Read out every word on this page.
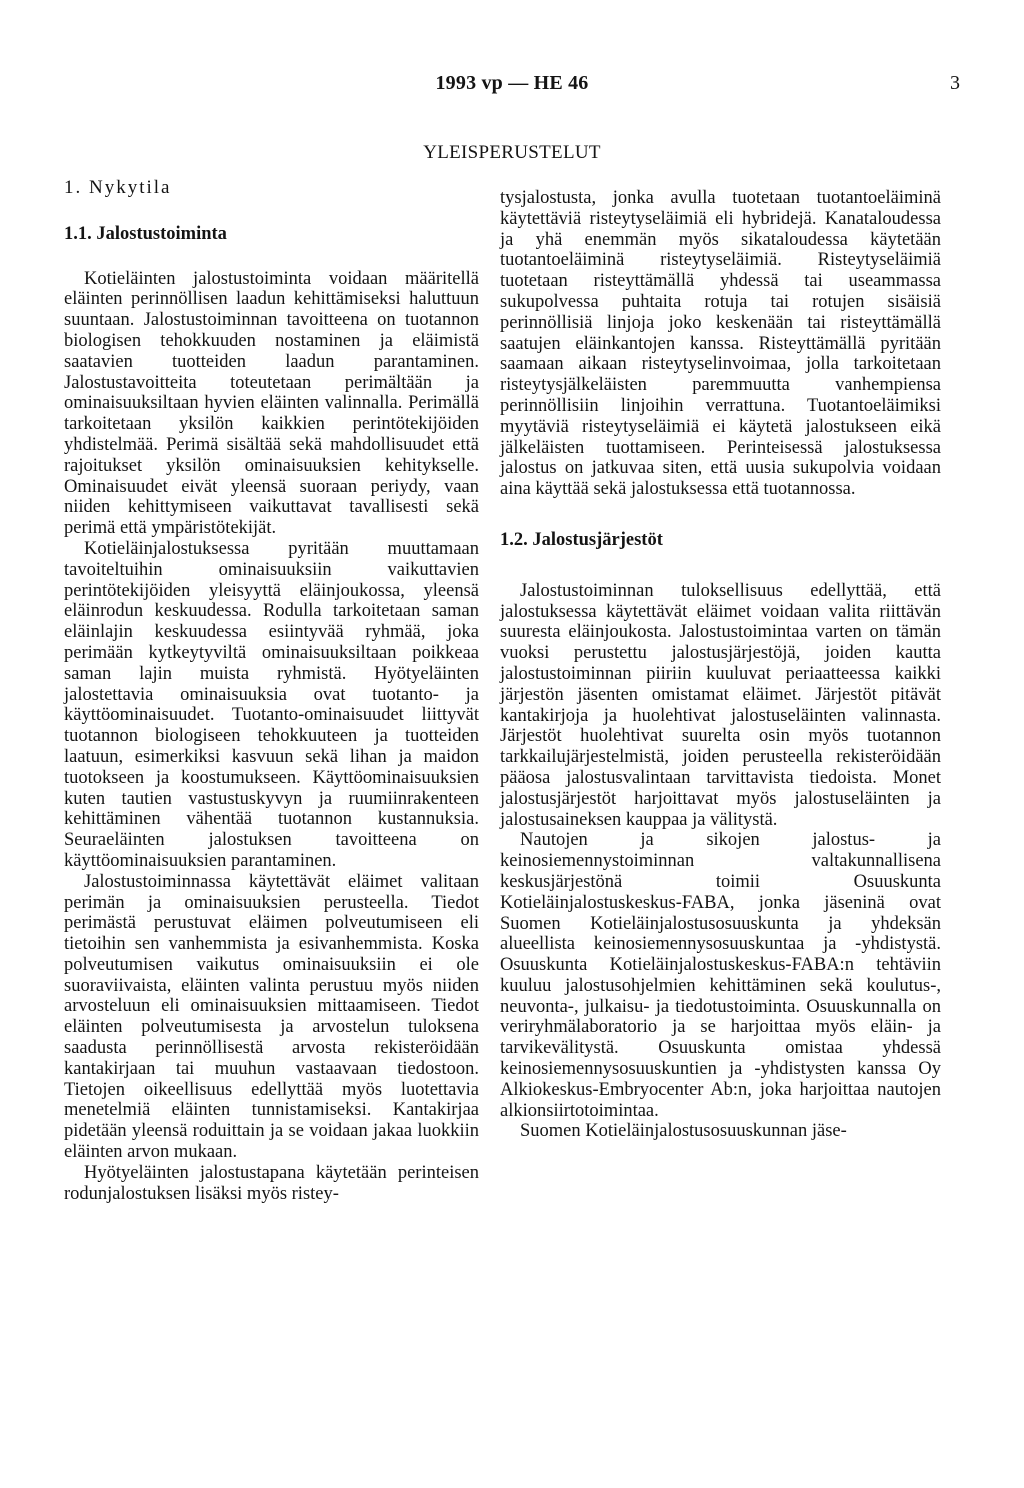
1993 vp — HE 46	3
YLEISPERUSTELUT
1. Nykytila
1.1. Jalostustoiminta

Kotieläinten jalostustoiminta voidaan määritellä eläinten perinnöllisen laadun kehittämiseksi haluttuun suuntaan. Jalostustoiminnan tavoitteena on tuotannon biologisen tehokkuuden nostaminen ja eläimistä saatavien tuotteiden laadun parantaminen. Jalostustavoitteita toteutetaan perimältään ja ominaisuuksiltaan hyvien eläinten valinnalla. Perimällä tarkoitetaan yksilön kaikkien perintötekijöiden yhdistelmää. Perimä sisältää sekä mahdollisuudet että rajoitukset yksilön ominaisuuksien kehitykselle. Ominaisuudet eivät yleensä suoraan periydy, vaan niiden kehittymiseen vaikuttavat tavallisesti sekä perimä että ympäristötekijät.

Kotieläinjalostuksessa pyritään muuttamaan tavoiteltuihin ominaisuuksiin vaikuttavien perintötekijöiden yleisyyttä eläinjoukossa, yleensä eläinrodun keskuudessa. Rodulla tarkoitetaan saman eläinlajin keskuudessa esiintyvää ryhmää, joka perimään kytkeytyviltä ominaisuuksiltaan poikkeaa saman lajin muista ryhmistä. Hyötyeläinten jalostettavia ominaisuuksia ovat tuotanto- ja käyttöominaisuudet. Tuotanto-ominaisuudet liittyvät tuotannon biologiseen tehokkuuteen ja tuotteiden laatuun, esimerkiksi kasvuun sekä lihan ja maidon tuotokseen ja koostumukseen. Käyttöominaisuuksien kuten tautien vastustuskyvyn ja ruumiinrakenteen kehittäminen vähentää tuotannon kustannuksia. Seuraeläinten jalostuksen tavoitteena on käyttöominaisuuksien parantaminen.

Jalostustoiminnassa käytettävät eläimet valitaan perimän ja ominaisuuksien perusteella. Tiedot perimästä perustuvat eläimen polveutumiseen eli tietoihin sen vanhemmista ja esivanhemmista. Koska polveutumisen vaikutus ominaisuuksiin ei ole suoraviivaista, eläinten valinta perustuu myös niiden arvosteluun eli ominaisuuksien mittaamiseen. Tiedot eläinten polveutumisesta ja arvostelun tuloksena saadusta perinnöllisestä arvosta rekisteröidään kantakirjaan tai muuhun vastaavaan tiedostoon. Tietojen oikeellisuus edellyttää myös luotettavia menetelmiä eläinten tunnistamiseksi. Kantakirjaa pidetään yleensä roduittain ja se voidaan jakaa luokkiin eläinten arvon mukaan.

Hyötyeläinten jalostustapana käytetään perinteisen rodunjalostuksen lisäksi myös ristey-

tysjalostusta, jonka avulla tuotetaan tuotantoeläiminä käytettäviä risteytyseläimiä eli hybridejä. Kanataloudessa ja yhä enemmän myös sikataloudessa käytetään tuotantoeläiminä risteytyseläimiä. Risteytyseläimiä tuotetaan risteyttämällä yhdessä tai useammassa sukupolvessa puhtaita rotuja tai rotujen sisäisiä perinnöllisiä linjoja joko keskenään tai risteyttämällä saatujen eläinkantojen kanssa. Risteyttämällä pyritään saamaan aikaan risteytyselinvoimaa, jolla tarkoitetaan risteytysjälkeläisten paremmuutta vanhempiensa perinnöllisiin linjoihin verrattuna. Tuotantoeläimiksi myytäviä risteytyseläimiä ei käytetä jalostukseen eikä jälkeläisten tuottamiseen. Perinteisessä jalostuksessa jalostus on jatkuvaa siten, että uusia sukupolvia voidaan aina käyttää sekä jalostuksessa että tuotannossa.

1.2. Jalostusjärjestöt

Jalostustoiminnan tuloksellisuus edellyttää, että jalostuksessa käytettävät eläimet voidaan valita riittävän suuresta eläinjoukosta. Jalostustoimintaa varten on tämän vuoksi perustettu jalostusjärjestöjä, joiden kautta jalostustoiminnan piiriin kuuluvat periaatteessa kaikki järjestön jäsenten omistamat eläimet. Järjestöt pitävät kantakirjoja ja huolehtivat jalostuseläinten valinnasta. Järjestöt huolehtivat suurelta osin myös tuotannon tarkkailujärjestelmistä, joiden perusteella rekisteröidään pääosa jalostusvalintaan tarvittavista tiedoista. Monet jalostusjärjestöt harjoittavat myös jalostuseläinten ja jalostusaineksen kauppaa ja välitystä.

Nautojen ja sikojen jalostus- ja keinosiemennystoiminnan valtakunnallisena keskusjärjestönä toimii Osuuskunta Kotieläinjalostuskeskus-FABA, jonka jäseninä ovat Suomen Kotieläinjalostusosuuskunta ja yhdeksän alueellista keinosiemennysosuuskuntaa ja -yhdistystä. Osuuskunta Kotieläinjalostuskeskus-FABA:n tehtäviin kuuluu jalostusohjelmien kehittäminen sekä koulutus-, neuvonta-, julkaisu- ja tiedotustoiminta. Osuuskunnalla on veriryhmälaboratorio ja se harjoittaa myös eläin- ja tarvikevälitystä. Osuuskunta omistaa yhdessä keinosiemennysosuuskuntien ja -yhdistysten kanssa Oy Alkiokeskus-Embryocenter Ab:n, joka harjoittaa nautojen alkionsiirtotoimintaa.

Suomen Kotieläinjalostusosuuskunnan jäse-
